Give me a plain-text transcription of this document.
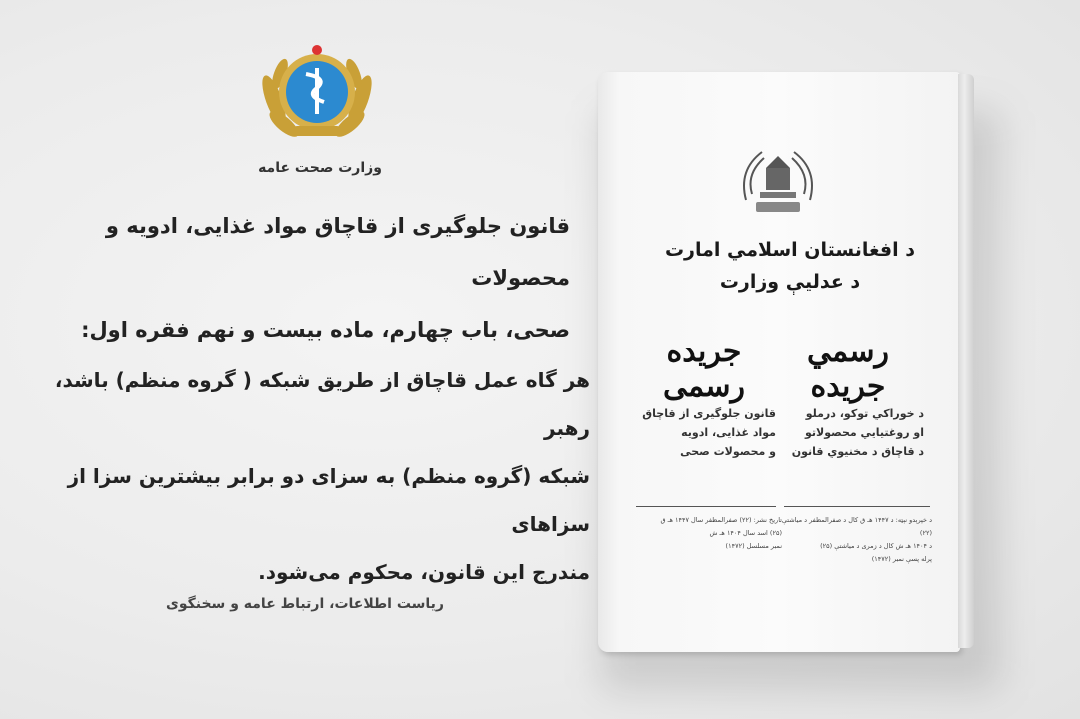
وزارت صحت عامه
قانون جلوگیری از قاچاق مواد غذایی، ادویه و محصولات
صحی، باب چهارم، ماده بیست و نهم فقره اول:
هر گاه عمل قاچاق از طریق شبکه ( گروه منظم) باشد، رهبر
شبکه (گروه منظم) به سزای دو برابر بیشترین سزا از سزاهای
مندرج این قانون، محکوم می‌شود.
ریاست اطلاعات، ارتباط عامه و سخنگوی
د افغانستان اسلامي امارت
د عدلیې وزارت
رسمي جریده
جریده رسمی
د خوراکي توکو، درملو
او روغتیایي محصولاتو
د قاچاق د مخنیوي قانون
قانون جلوگیری از قاچاق
مواد غذایی، ادویه
و محصولات صحی
د خپرېدو نېټه: د ۱۴۴۷ هـ ق کال د صفرالمظفر د میاشتې (۲۲)
د ۱۴۰۴ هـ ش کال د زمری د میاشتې (۲۵)
پرله پسې نمبر (۱۴۷۲)
تاریخ نشر: (۲۲) صفرالمظفر سال ۱۴۴۷ هـ ق
(۲۵) اسد سال ۱۴۰۴ هـ ش
نمبر مسلسل (۱۴۷۲)
